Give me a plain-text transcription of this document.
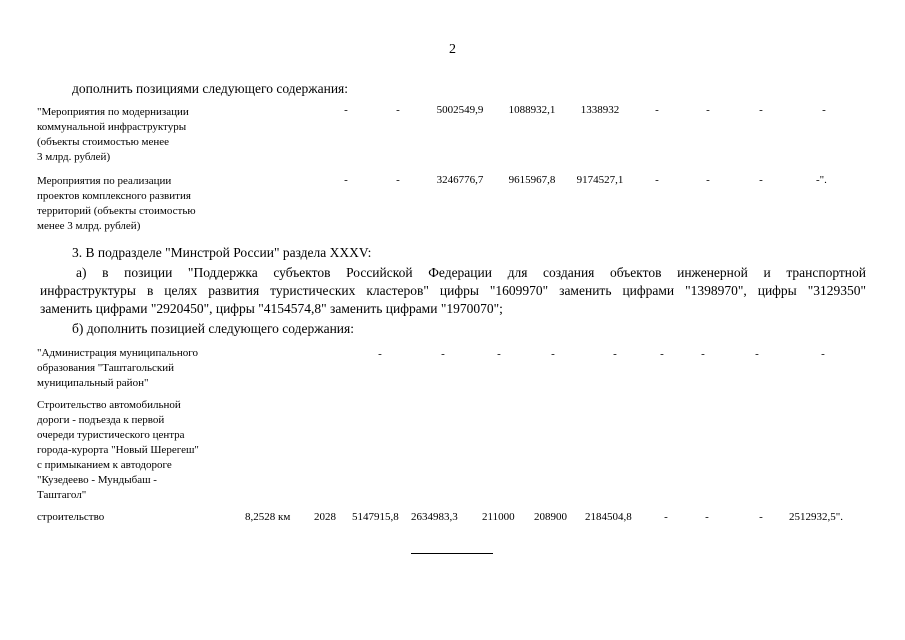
2
дополнить позициями следующего содержания:
"Мероприятия по модернизации
коммунальной инфраструктуры
(объекты стоимостью менее
3 млрд. рублей)
-	-	5002549,9	1088932,1	1338932	-	-	-	-
Мероприятия по реализации
проектов комплексного развития
территорий (объекты стоимостью
менее 3 млрд. рублей)
-	-	3246776,7	9615967,8	9174527,1	-	-	-	-".
3. В подразделе "Минстрой России" раздела XXXV:
а) в позиции "Поддержка субъектов Российской Федерации для создания объектов инженерной и транспортной
инфраструктуры в целях развития туристических кластеров" цифры "1609970" заменить цифрами "1398970", цифры "3129350"
заменить цифрами "2920450", цифры "4154574,8" заменить цифрами "1970070";
б) дополнить позицией следующего содержания:
"Администрация муниципального
образования "Таштагольский
муниципальный район"
-	-	-	-	-	-	-	-	-
Строительство автомобильной
дороги - подъезда к первой
очереди туристического центра
города-курорта "Новый Шерегеш"
с примыканием к автодороге
"Кузедеево - Мундыбаш -
Таштагол"
строительство	8,2528 км 2028 5147915,8 2634983,3 211000 208900 2184504,8	-	-	-	2512932,5".
